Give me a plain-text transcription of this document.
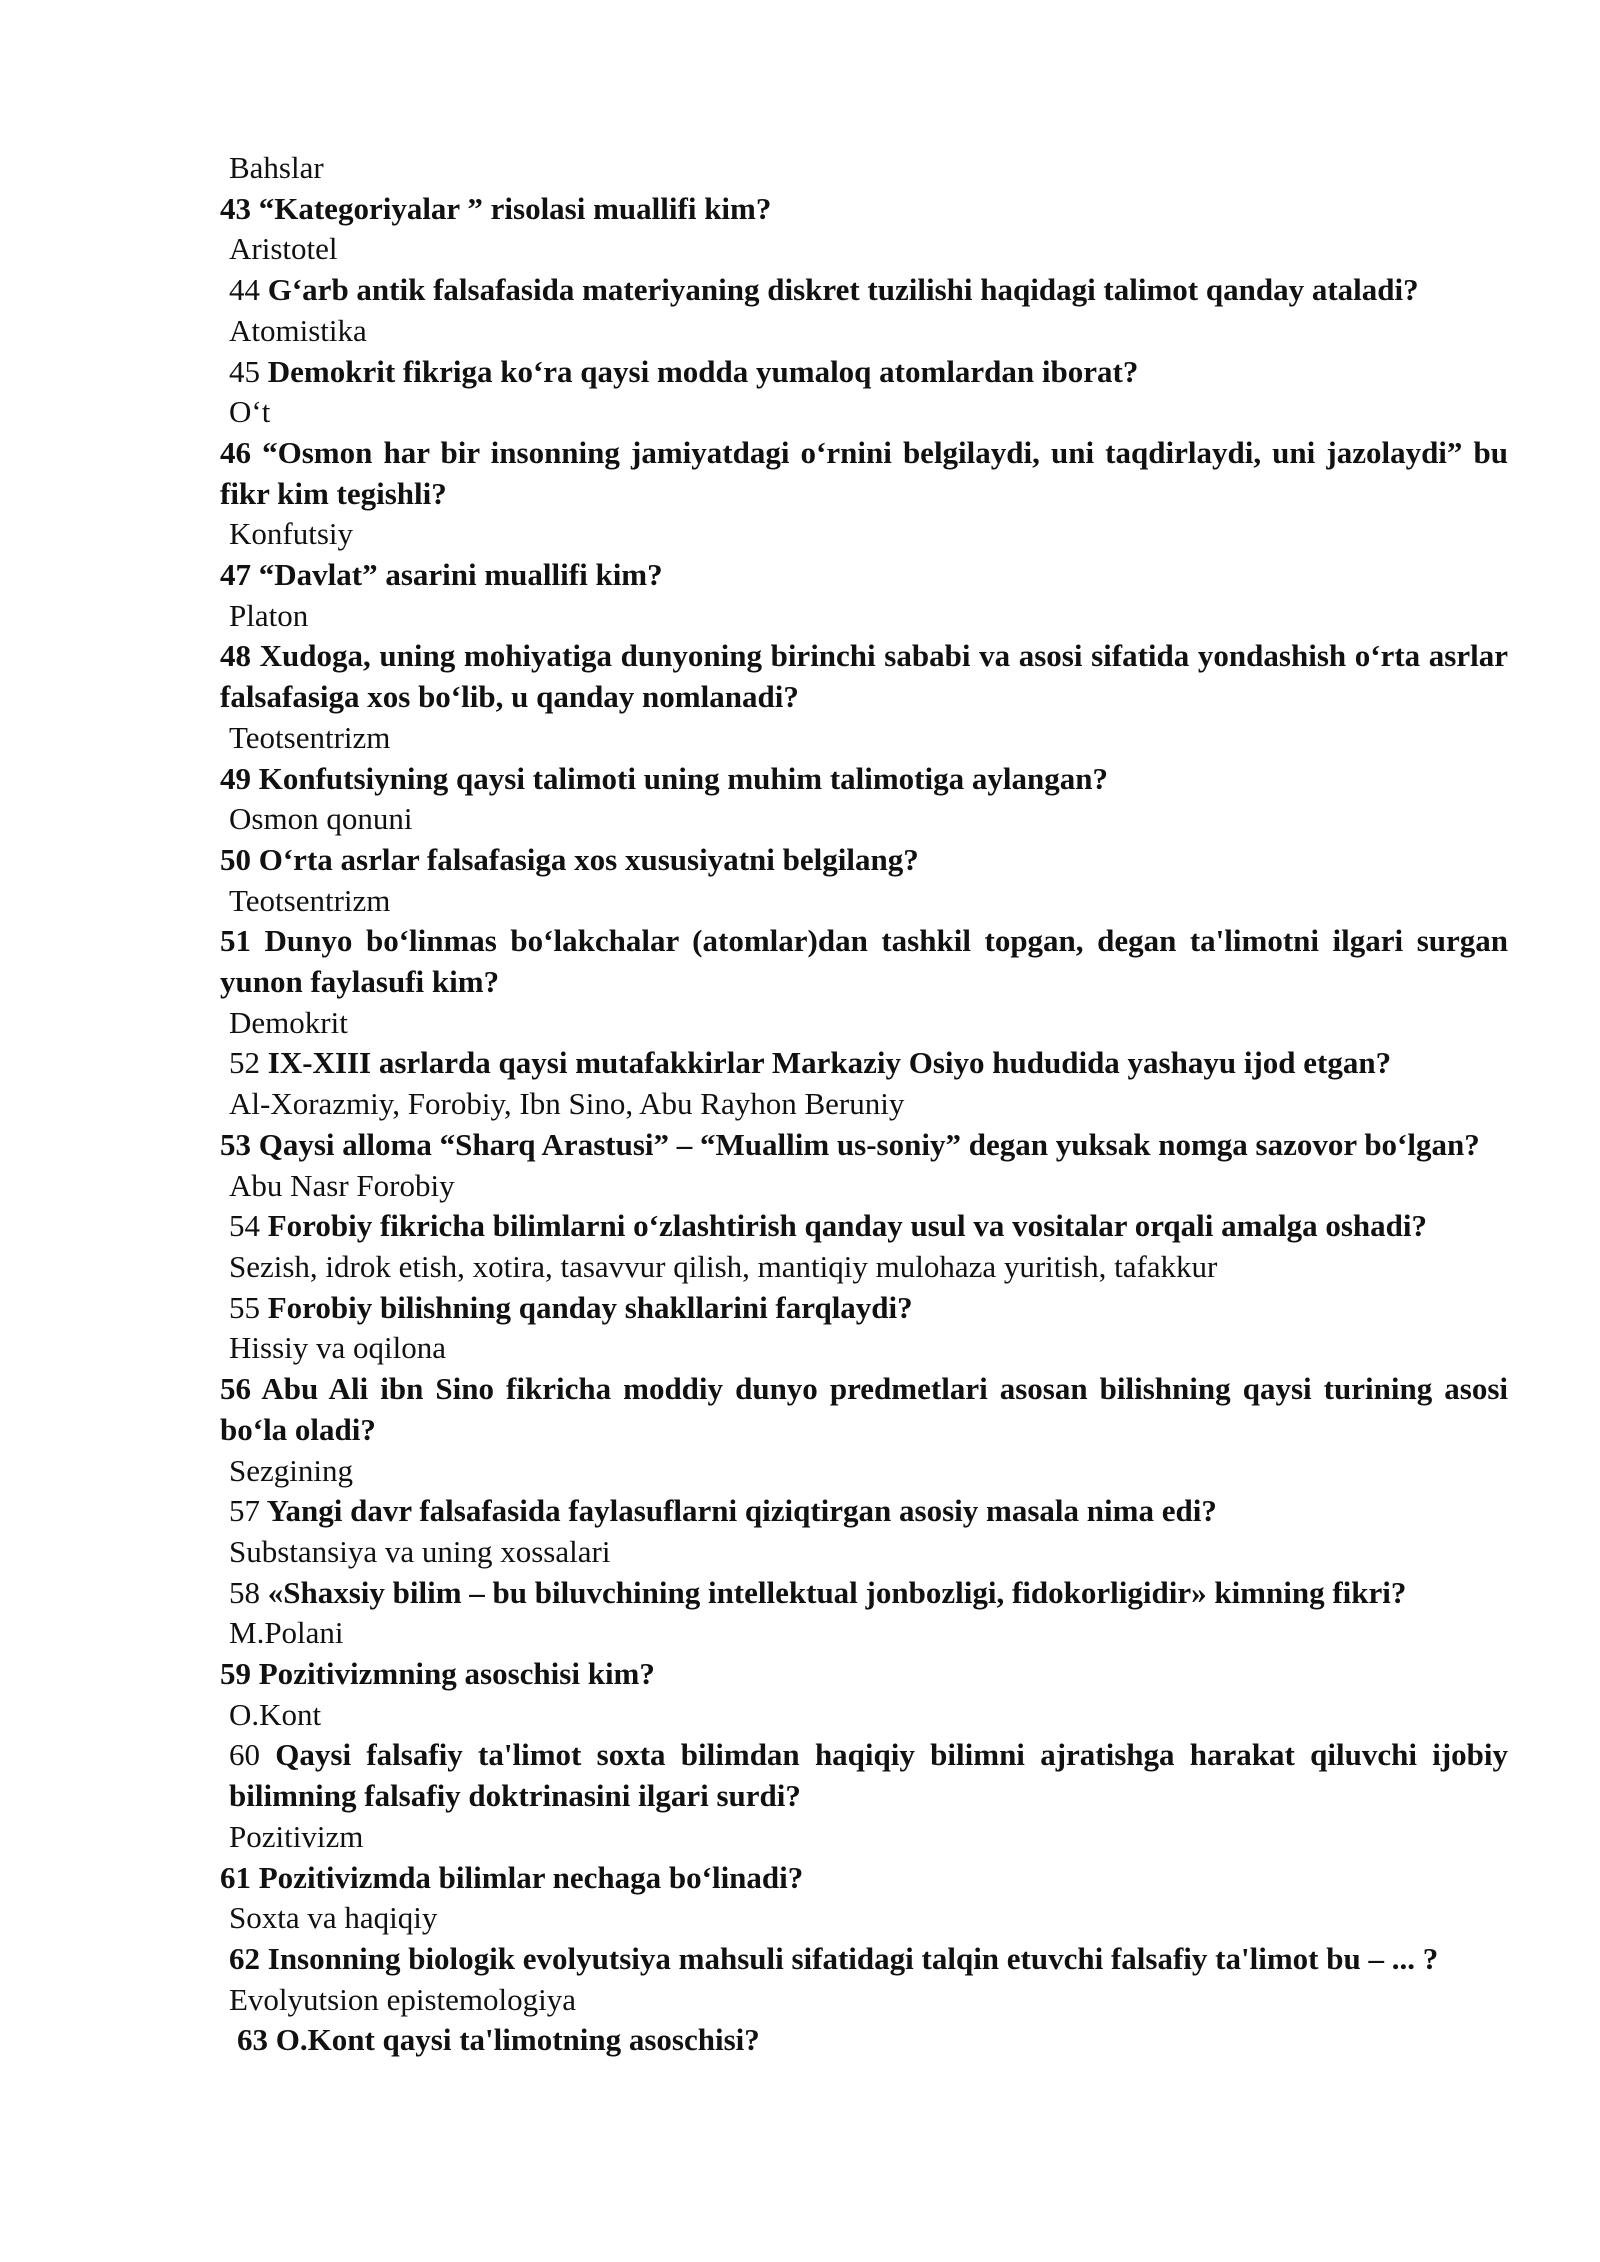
Bahslar
43 “Kategoriyalar ” risolasi muallifi kim?
Aristotel
44 G‘arb antik falsafasida materiyaning diskret tuzilishi haqidagi talimot qanday ataladi?
Atomistika
45 Demokrit fikriga ko‘ra qaysi modda yumaloq atomlardan iborat?
O‘t
46 “Osmon har bir insonning jamiyatdagi o‘rnini belgilaydi, uni taqdirlaydi, uni jazolaydi” bu fikr kim tegishli?
Konfutsiy
47 “Davlat” asarini muallifi kim?
Platon
48 Xudoga, uning mohiyatiga dunyoning birinchi sababi va asosi sifatida yondashish o‘rta asrlar falsafasiga xos bo‘lib, u qanday nomlanadi?
Teotsentrizm
49 Konfutsiyning qaysi talimoti uning muhim talimotiga aylangan?
Osmon qonuni
50 O‘rta asrlar falsafasiga xos xususiyatni belgilang?
Teotsentrizm
51 Dunyo bo‘linmas bo‘lakchalar (atomlar)dan tashkil topgan, degan ta'limotni ilgari surgan yunon faylasufi kim?
Demokrit
52 IX-XIII asrlarda qaysi mutafakkirlar Markaziy Osiyo hududida yashayu ijod etgan?
Al-Xorazmiy, Forobiy, Ibn Sino, Abu Rayhon Beruniy
53 Qaysi alloma “Sharq Arastusi” – “Muallim us-soniy” degan yuksak nomga sazovor bo‘lgan?
Abu Nasr Forobiy
54 Forobiy fikricha bilimlarni o‘zlashtirish qanday usul va vositalar orqali amalga oshadi?
Sezish, idrok etish, xotira, tasavvur qilish, mantiqiy mulohaza yuritish, tafakkur
55 Forobiy bilishning qanday shakllarini farqlaydi?
Hissiy va oqilona
56 Abu Ali ibn Sino fikricha moddiy dunyo predmetlari asosan bilishning qaysi turining asosi bo‘la oladi?
Sezgining
57 Yangi davr falsafasida faylasuflarni qiziqtirgan asosiy masala nima edi?
Substansiya va uning xossalari
58 «Shaxsiy bilim – bu biluvchining intellektual jonbozligi, fidokorligidir» kimning fikri?
M.Polani
59 Pozitivizmning asoschisi kim?
O.Kont
60 Qaysi falsafiy ta'limot soxta bilimdan haqiqiy bilimni ajratishga harakat qiluvchi ijobiy bilimning falsafiy doktrinasini ilgari surdi?
Pozitivizm
61 Pozitivizmda bilimlar nechaga bo‘linadi?
Soxta va haqiqiy
62 Insonning biologik evolyutsiya mahsuli sifatidagi talqin etuvchi falsafiy ta'limot bu – ... ?
Evolyutsion epistemologiya
63 O.Kont qaysi ta'limotning asoschisi?
